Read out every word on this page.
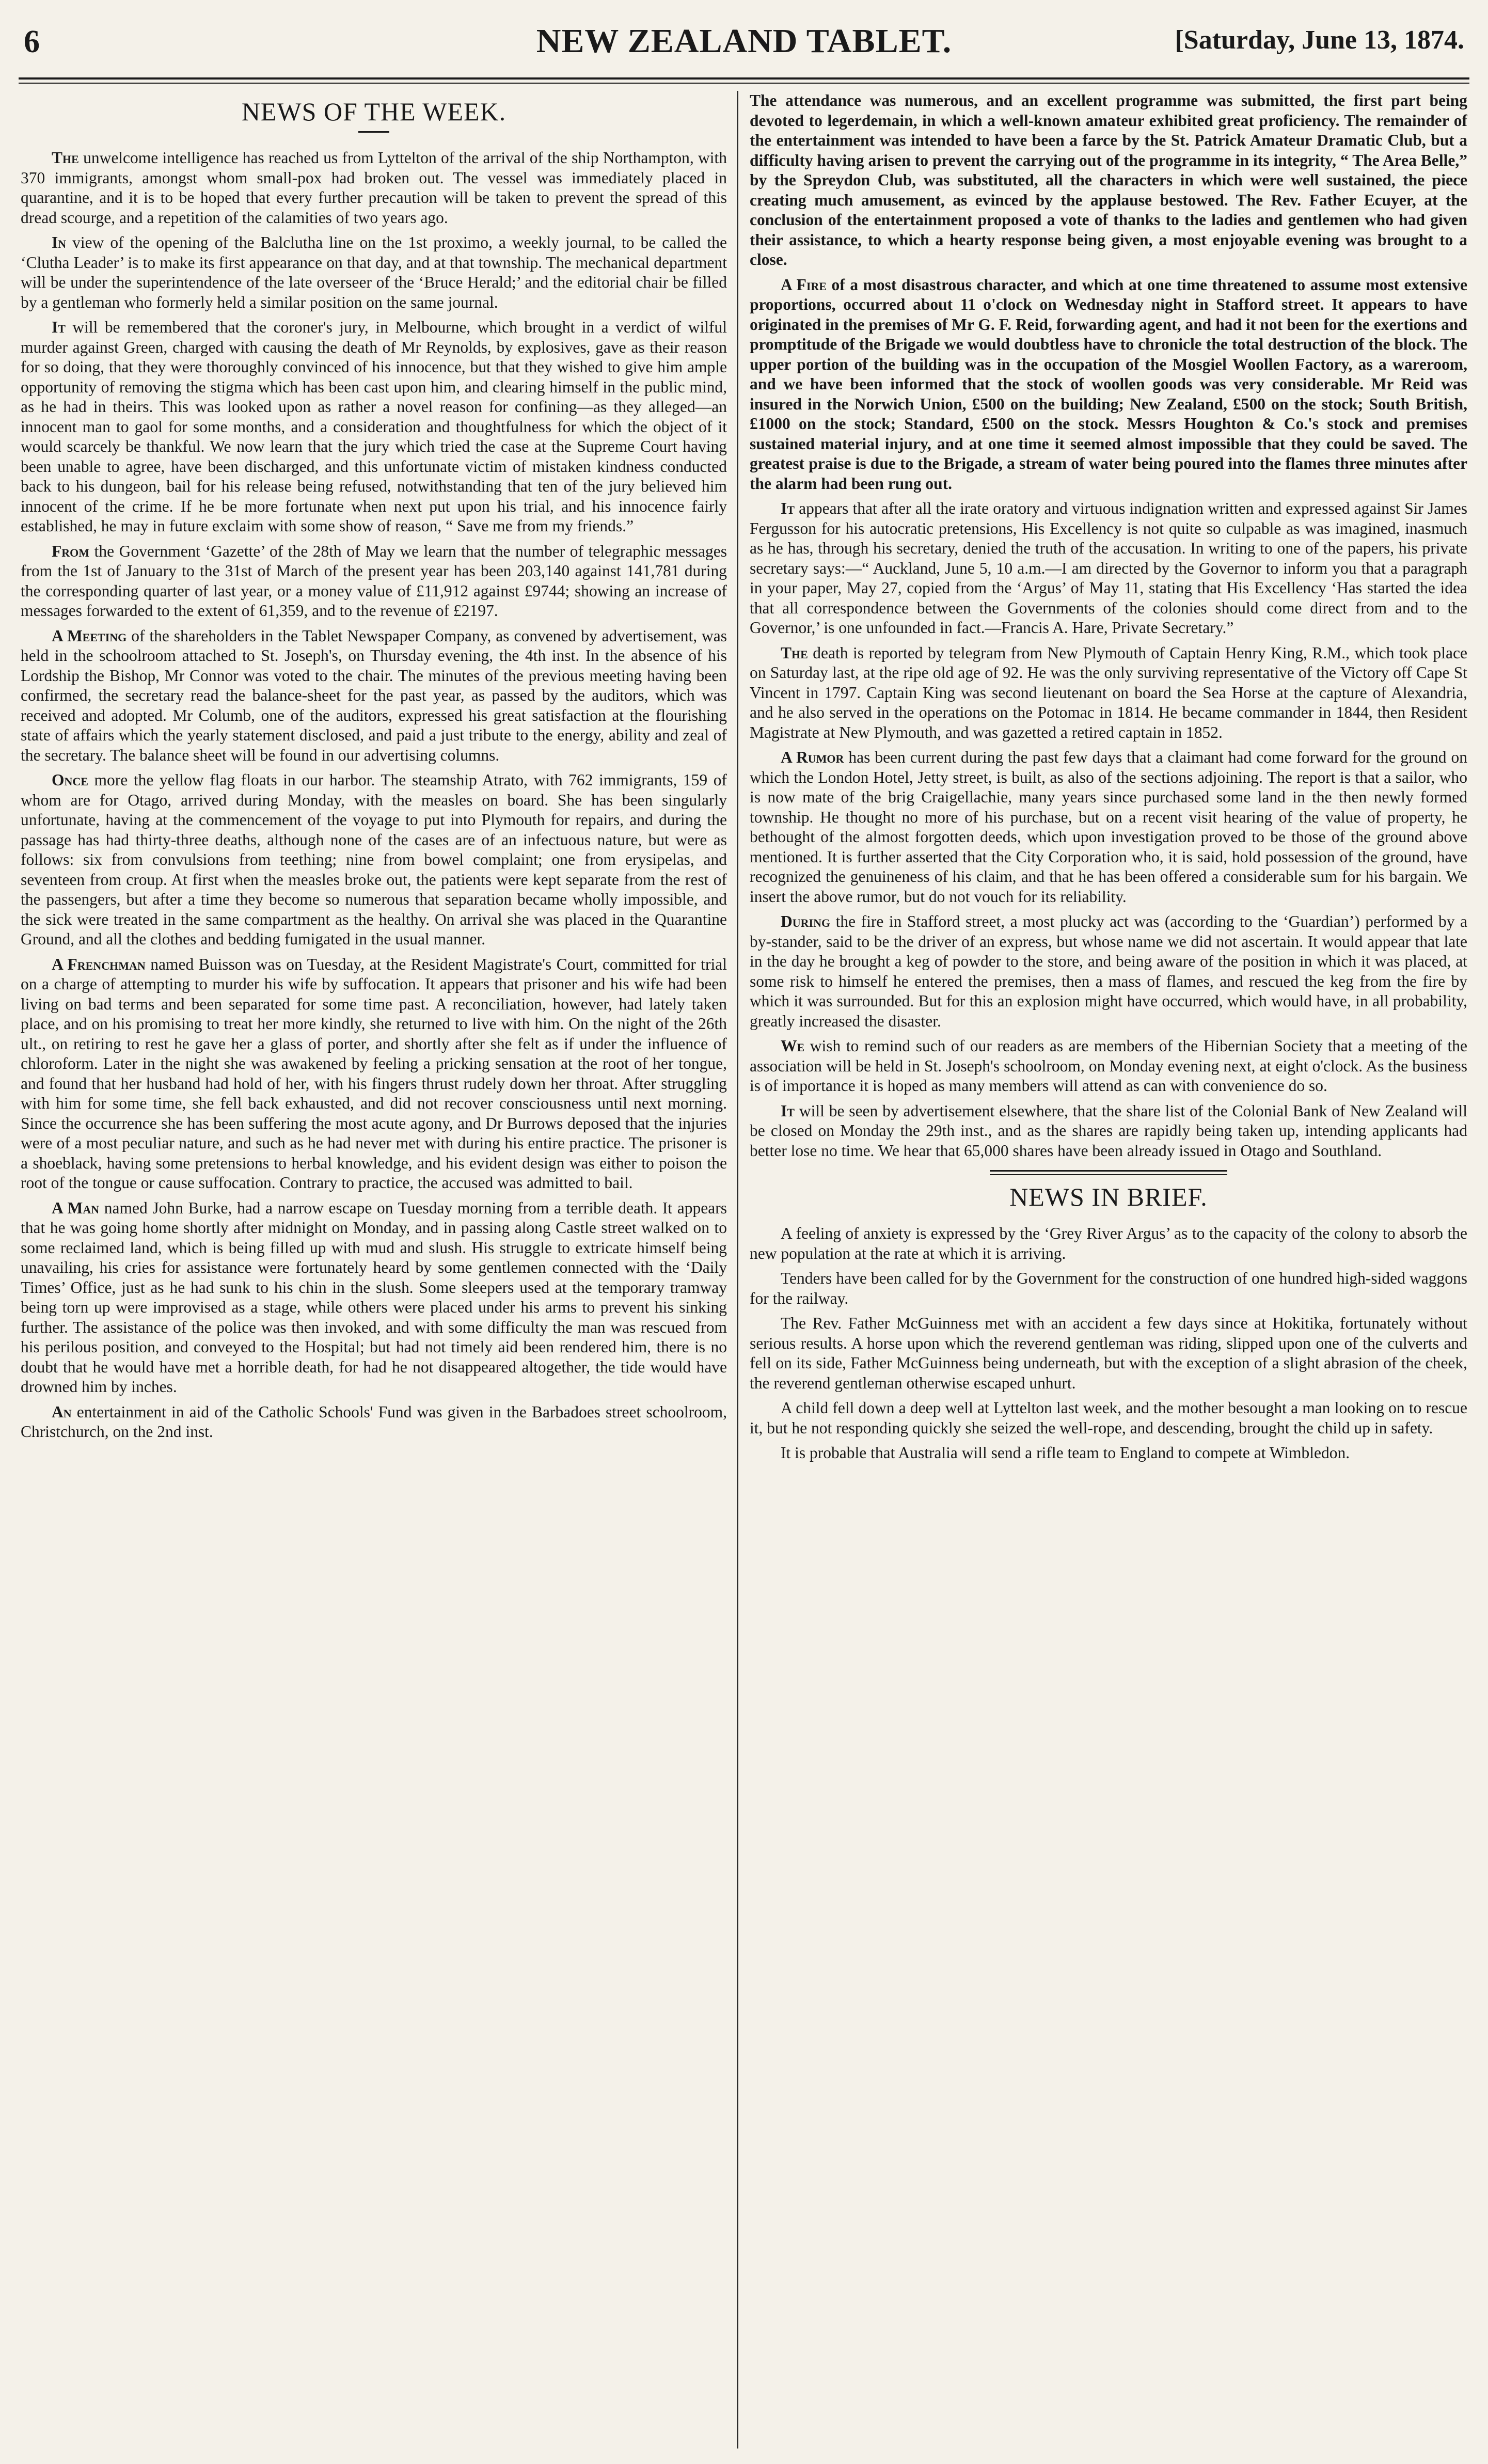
6	NEW ZEALAND TABLET.	[Saturday, June 13, 1874.
NEWS OF THE WEEK.

The unwelcome intelligence has reached us from Lyttelton of the arrival of the ship Northampton, with 370 immigrants, amongst whom small-pox had broken out. The vessel was immediately placed in quarantine, and it is to be hoped that every further precaution will be taken to prevent the spread of this dread scourge, and a repetition of the calamities of two years ago.

In view of the opening of the Balclutha line on the 1st proximo, a weekly journal, to be called the ‘Clutha Leader’ is to make its first appearance on that day, and at that township. The mechanical department will be under the superintendence of the late overseer of the ‘Bruce Herald;’ and the editorial chair be filled by a gentleman who formerly held a similar position on the same journal.

It will be remembered that the coroner's jury, in Melbourne, which brought in a verdict of wilful murder against Green, charged with causing the death of Mr Reynolds, by explosives, gave as their reason for so doing, that they were thoroughly convinced of his innocence, but that they wished to give him ample opportunity of removing the stigma which has been cast upon him, and clearing himself in the public mind, as he had in theirs. This was looked upon as rather a novel reason for confining—as they alleged—an innocent man to gaol for some months, and a consideration and thoughtfulness for which the object of it would scarcely be thankful. We now learn that the jury which tried the case at the Supreme Court having been unable to agree, have been discharged, and this unfortunate victim of mistaken kindness conducted back to his dungeon, bail for his release being refused, notwithstanding that ten of the jury believed him innocent of the crime. If he be more fortunate when next put upon his trial, and his innocence fairly established, he may in future exclaim with some show of reason, “ Save me from my friends.”

From the Government ‘Gazette’ of the 28th of May we learn that the number of telegraphic messages from the 1st of January to the 31st of March of the present year has been 203,140 against 141,781 during the corresponding quarter of last year, or a money value of £11,912 against £9744; showing an increase of messages forwarded to the extent of 61,359, and to the revenue of £2197.

A Meeting of the shareholders in the Tablet Newspaper Company, as convened by advertisement, was held in the schoolroom attached to St. Joseph's, on Thursday evening, the 4th inst. In the absence of his Lordship the Bishop, Mr Connor was voted to the chair. The minutes of the previous meeting having been confirmed, the secretary read the balance-sheet for the past year, as passed by the auditors, which was received and adopted. Mr Columb, one of the auditors, expressed his great satisfaction at the flourishing state of affairs which the yearly statement disclosed, and paid a just tribute to the energy, ability and zeal of the secretary. The balance sheet will be found in our advertising columns.

Once more the yellow flag floats in our harbor. The steamship Atrato, with 762 immigrants, 159 of whom are for Otago, arrived during Monday, with the measles on board. She has been singularly unfortunate, having at the commencement of the voyage to put into Plymouth for repairs, and during the passage has had thirty-three deaths, although none of the cases are of an infectuous nature, but were as follows: six from convulsions from teething; nine from bowel complaint; one from erysipelas, and seventeen from croup. At first when the measles broke out, the patients were kept separate from the rest of the passengers, but after a time they become so numerous that separation became wholly impossible, and the sick were treated in the same compartment as the healthy. On arrival she was placed in the Quarantine Ground, and all the clothes and bedding fumigated in the usual manner.

A Frenchman named Buisson was on Tuesday, at the Resident Magistrate's Court, committed for trial on a charge of attempting to murder his wife by suffocation. It appears that prisoner and his wife had been living on bad terms and been separated for some time past. A reconciliation, however, had lately taken place, and on his promising to treat her more kindly, she returned to live with him. On the night of the 26th ult., on retiring to rest he gave her a glass of porter, and shortly after she felt as if under the influence of chloroform. Later in the night she was awakened by feeling a pricking sensation at the root of her tongue, and found that her husband had hold of her, with his fingers thrust rudely down her throat. After struggling with him for some time, she fell back exhausted, and did not recover consciousness until next morning. Since the occurrence she has been suffering the most acute agony, and Dr Burrows deposed that the injuries were of a most peculiar nature, and such as he had never met with during his entire practice. The prisoner is a shoeblack, having some pretensions to herbal knowledge, and his evident design was either to poison the root of the tongue or cause suffocation. Contrary to practice, the accused was admitted to bail.

A Man named John Burke, had a narrow escape on Tuesday morning from a terrible death. It appears that he was going home shortly after midnight on Monday, and in passing along Castle street walked on to some reclaimed land, which is being filled up with mud and slush. His struggle to extricate himself being unavailing, his cries for assistance were fortunately heard by some gentlemen connected with the ‘Daily Times’ Office, just as he had sunk to his chin in the slush. Some sleepers used at the temporary tramway being torn up were improvised as a stage, while others were placed under his arms to prevent his sinking further. The assistance of the police was then invoked, and with some difficulty the man was rescued from his perilous position, and conveyed to the Hospital; but had not timely aid been rendered him, there is no doubt that he would have met a horrible death, for had he not disappeared altogether, the tide would have drowned him by inches.

An entertainment in aid of the Catholic Schools' Fund was given in the Barbadoes street schoolroom, Christchurch, on the 2nd inst.

The attendance was numerous, and an excellent programme was submitted, the first part being devoted to legerdemain, in which a well-known amateur exhibited great proficiency. The remainder of the entertainment was intended to have been a farce by the St. Patrick Amateur Dramatic Club, but a difficulty having arisen to prevent the carrying out of the programme in its integrity, “ The Area Belle,” by the Spreydon Club, was substituted, all the characters in which were well sustained, the piece creating much amusement, as evinced by the applause bestowed. The Rev. Father Ecuyer, at the conclusion of the entertainment proposed a vote of thanks to the ladies and gentlemen who had given their assistance, to which a hearty response being given, a most enjoyable evening was brought to a close.

A Fire of a most disastrous character, and which at one time threatened to assume most extensive proportions, occurred about 11 o'clock on Wednesday night in Stafford street. It appears to have originated in the premises of Mr G. F. Reid, forwarding agent, and had it not been for the exertions and promptitude of the Brigade we would doubtless have to chronicle the total destruction of the block. The upper portion of the building was in the occupation of the Mosgiel Woollen Factory, as a wareroom, and we have been informed that the stock of woollen goods was very considerable. Mr Reid was insured in the Norwich Union, £500 on the building; New Zealand, £500 on the stock; South British, £1000 on the stock; Standard, £500 on the stock. Messrs Houghton & Co.'s stock and premises sustained material injury, and at one time it seemed almost impossible that they could be saved. The greatest praise is due to the Brigade, a stream of water being poured into the flames three minutes after the alarm had been rung out.

It appears that after all the irate oratory and virtuous indignation written and expressed against Sir James Fergusson for his autocratic pretensions, His Excellency is not quite so culpable as was imagined, inasmuch as he has, through his secretary, denied the truth of the accusation. In writing to one of the papers, his private secretary says:—“ Auckland, June 5, 10 a.m.—I am directed by the Governor to inform you that a paragraph in your paper, May 27, copied from the ‘Argus’ of May 11, stating that His Excellency ‘Has started the idea that all correspondence between the Governments of the colonies should come direct from and to the Governor,’ is one unfounded in fact.—Francis A. Hare, Private Secretary.”

The death is reported by telegram from New Plymouth of Captain Henry King, R.M., which took place on Saturday last, at the ripe old age of 92. He was the only surviving representative of the Victory off Cape St Vincent in 1797. Captain King was second lieutenant on board the Sea Horse at the capture of Alexandria, and he also served in the operations on the Potomac in 1814. He became commander in 1844, then Resident Magistrate at New Plymouth, and was gazetted a retired captain in 1852.

A Rumor has been current during the past few days that a claimant had come forward for the ground on which the London Hotel, Jetty street, is built, as also of the sections adjoining. The report is that a sailor, who is now mate of the brig Craigellachie, many years since purchased some land in the then newly formed township. He thought no more of his purchase, but on a recent visit hearing of the value of property, he bethought of the almost forgotten deeds, which upon investigation proved to be those of the ground above mentioned. It is further asserted that the City Corporation who, it is said, hold possession of the ground, have recognized the genuineness of his claim, and that he has been offered a considerable sum for his bargain. We insert the above rumor, but do not vouch for its reliability.

During the fire in Stafford street, a most plucky act was (according to the ‘Guardian’) performed by a by-stander, said to be the driver of an express, but whose name we did not ascertain. It would appear that late in the day he brought a keg of powder to the store, and being aware of the position in which it was placed, at some risk to himself he entered the premises, then a mass of flames, and rescued the keg from the fire by which it was surrounded. But for this an explosion might have occurred, which would have, in all probability, greatly increased the disaster.

We wish to remind such of our readers as are members of the Hibernian Society that a meeting of the association will be held in St. Joseph's schoolroom, on Monday evening next, at eight o'clock. As the business is of importance it is hoped as many members will attend as can with convenience do so.

It will be seen by advertisement elsewhere, that the share list of the Colonial Bank of New Zealand will be closed on Monday the 29th inst., and as the shares are rapidly being taken up, intending applicants had better lose no time. We hear that 65,000 shares have been already issued in Otago and Southland.

NEWS IN BRIEF.

A feeling of anxiety is expressed by the ‘Grey River Argus’ as to the capacity of the colony to absorb the new population at the rate at which it is arriving.

Tenders have been called for by the Government for the construction of one hundred high-sided waggons for the railway.

The Rev. Father McGuinness met with an accident a few days since at Hokitika, fortunately without serious results. A horse upon which the reverend gentleman was riding, slipped upon one of the culverts and fell on its side, Father McGuinness being underneath, but with the exception of a slight abrasion of the cheek, the reverend gentleman otherwise escaped unhurt.

A child fell down a deep well at Lyttelton last week, and the mother besought a man looking on to rescue it, but he not responding quickly she seized the well-rope, and descending, brought the child up in safety.

It is probable that Australia will send a rifle team to England to compete at Wimbledon.
